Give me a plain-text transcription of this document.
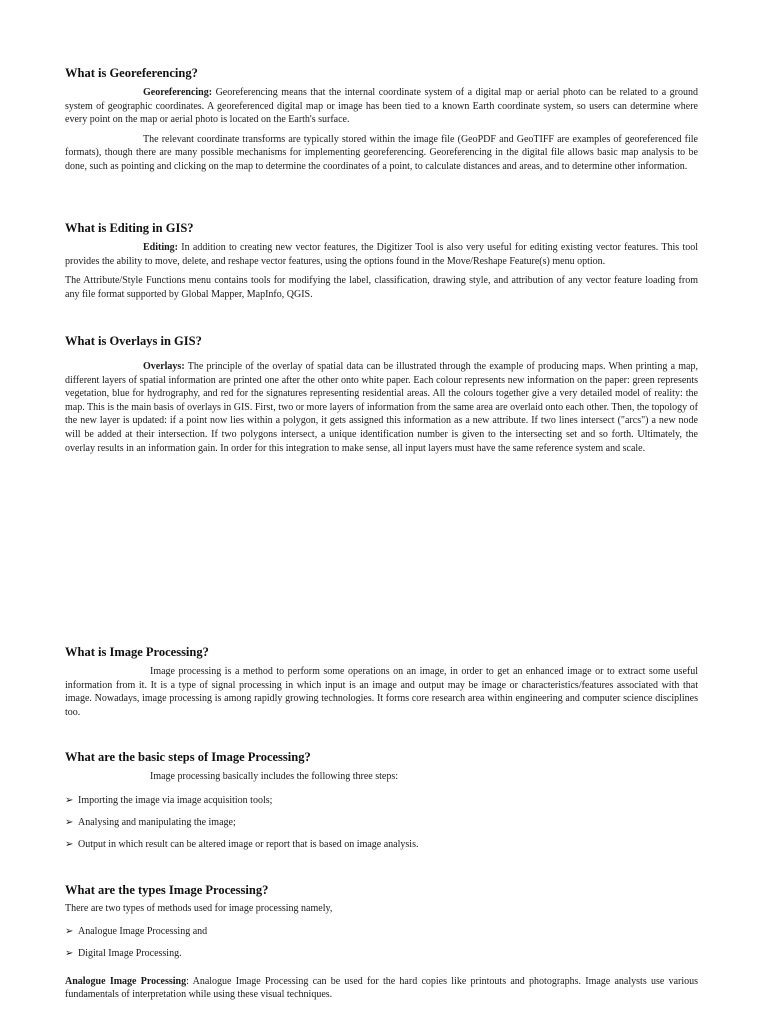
What is Georeferencing?

Georeferencing: Georeferencing means that the internal coordinate system of a digital map or aerial photo can be related to a ground system of geographic coordinates. A georeferenced digital map or image has been tied to a known Earth coordinate system, so users can determine where every point on the map or aerial photo is located on the Earth's surface.

The relevant coordinate transforms are typically stored within the image file (GeoPDF and GeoTIFF are examples of georeferenced file formats), though there are many possible mechanisms for implementing georeferencing. Georeferencing in the digital file allows basic map analysis to be done, such as pointing and clicking on the map to determine the coordinates of a point, to calculate distances and areas, and to determine other information.

What is Editing in GIS?

Editing: In addition to creating new vector features, the Digitizer Tool is also very useful for editing existing vector features. This tool provides the ability to move, delete, and reshape vector features, using the options found in the Move/Reshape Feature(s) menu option.

The Attribute/Style Functions menu contains tools for modifying the label, classification, drawing style, and attribution of any vector feature loading from any file format supported by Global Mapper, MapInfo, QGIS.

What is Overlays in GIS?

Overlays: The principle of the overlay of spatial data can be illustrated through the example of producing maps. When printing a map, different layers of spatial information are printed one after the other onto white paper. Each colour represents new information on the paper: green represents vegetation, blue for hydrography, and red for the signatures representing residential areas. All the colours together give a very detailed model of reality: the map. This is the main basis of overlays in GIS. First, two or more layers of information from the same area are overlaid onto each other. Then, the topology of the new layer is updated: if a point now lies within a polygon, it gets assigned this information as a new attribute. If two lines intersect ("arcs") a new node will be added at their intersection. If two polygons intersect, a unique identification number is given to the intersecting set and so forth. Ultimately, the overlay results in an information gain. In order for this integration to make sense, all input layers must have the same reference system and scale.

What is Image Processing?

Image processing is a method to perform some operations on an image, in order to get an enhanced image or to extract some useful information from it. It is a type of signal processing in which input is an image and output may be image or characteristics/features associated with that image. Nowadays, image processing is among rapidly growing technologies. It forms core research area within engineering and computer science disciplines too.

What are the basic steps of Image Processing?

Image processing basically includes the following three steps:

➢ Importing the image via image acquisition tools;
➢ Analysing and manipulating the image;
➢ Output in which result can be altered image or report that is based on image analysis.
What are the types Image Processing?

There are two types of methods used for image processing namely,

➢ Analogue Image Processing and
➢ Digital Image Processing.

Analogue Image Processing: Analogue Image Processing can be used for the hard copies like printouts and photographs. Image analysts use various fundamentals of interpretation while using these visual techniques.
